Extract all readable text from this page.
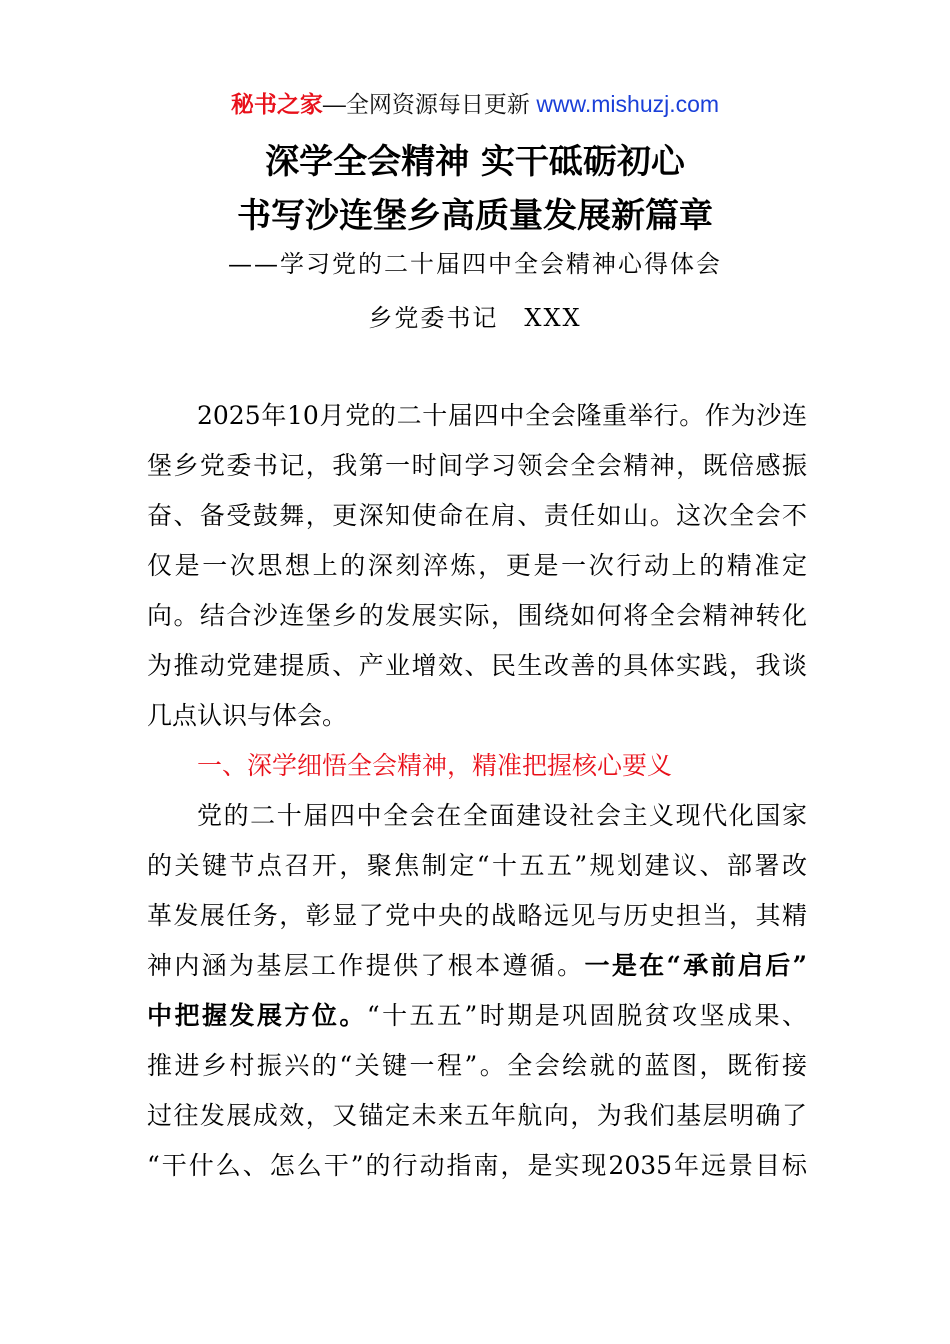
秘书之家—全网资源每日更新 www.mishuzj.com
深学全会精神 实干砥砺初心
书写沙连堡乡高质量发展新篇章
——学习党的二十届四中全会精神心得体会
乡党委书记　XXX
2025年10月党的二十届四中全会隆重举行。作为沙连
堡乡党委书记，我第一时间学习领会全会精神，既倍感振
奋、备受鼓舞，更深知使命在肩、责任如山。这次全会不
仅是一次思想上的深刻淬炼，更是一次行动上的精准定
向。结合沙连堡乡的发展实际，围绕如何将全会精神转化
为推动党建提质、产业增效、民生改善的具体实践，我谈
几点认识与体会。
一、深学细悟全会精神，精准把握核心要义
党的二十届四中全会在全面建设社会主义现代化国家
的关键节点召开，聚焦制定“十五五”规划建议、部署改
革发展任务，彰显了党中央的战略远见与历史担当，其精
神内涵为基层工作提供了根本遵循。一是在“承前启后”
中把握发展方位。“十五五”时期是巩固脱贫攻坚成果、
推进乡村振兴的“关键一程”。全会绘就的蓝图，既衔接
过往发展成效，又锚定未来五年航向，为我们基层明确了
“干什么、怎么干”的行动指南，是实现2035年远景目标
